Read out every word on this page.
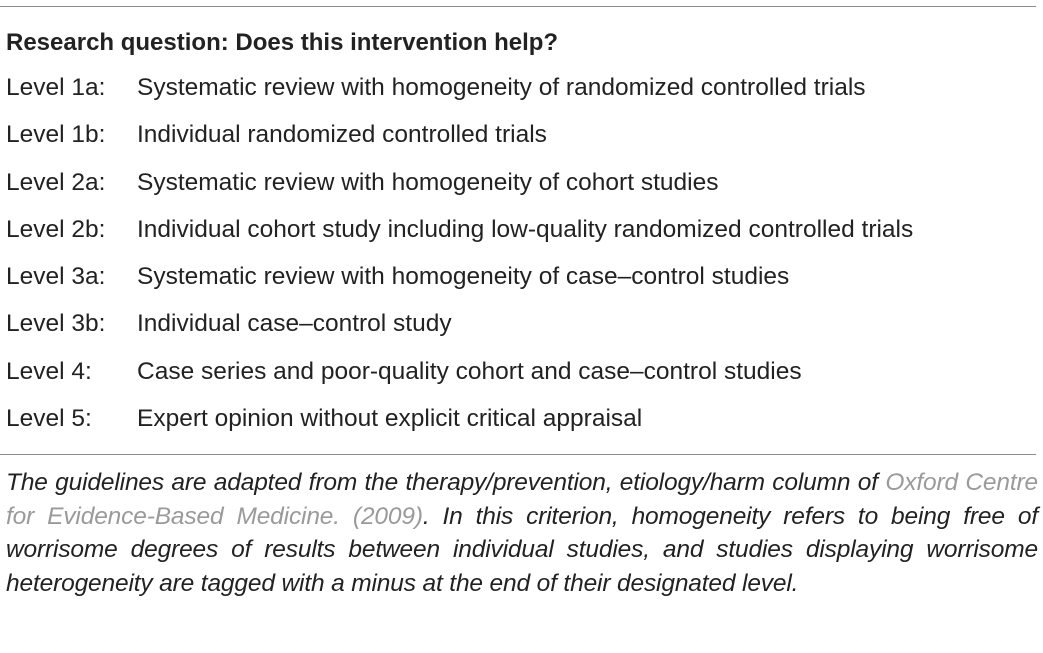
Research question: Does this intervention help?
Level 1a: Systematic review with homogeneity of randomized controlled trials
Level 1b: Individual randomized controlled trials
Level 2a: Systematic review with homogeneity of cohort studies
Level 2b: Individual cohort study including low-quality randomized controlled trials
Level 3a: Systematic review with homogeneity of case–control studies
Level 3b: Individual case–control study
Level 4: Case series and poor-quality cohort and case–control studies
Level 5: Expert opinion without explicit critical appraisal
The guidelines are adapted from the therapy/prevention, etiology/harm column of Oxford Centre for Evidence-Based Medicine. (2009). In this criterion, homogeneity refers to being free of worrisome degrees of results between individual studies, and studies displaying worrisome heterogeneity are tagged with a minus at the end of their designated level.
